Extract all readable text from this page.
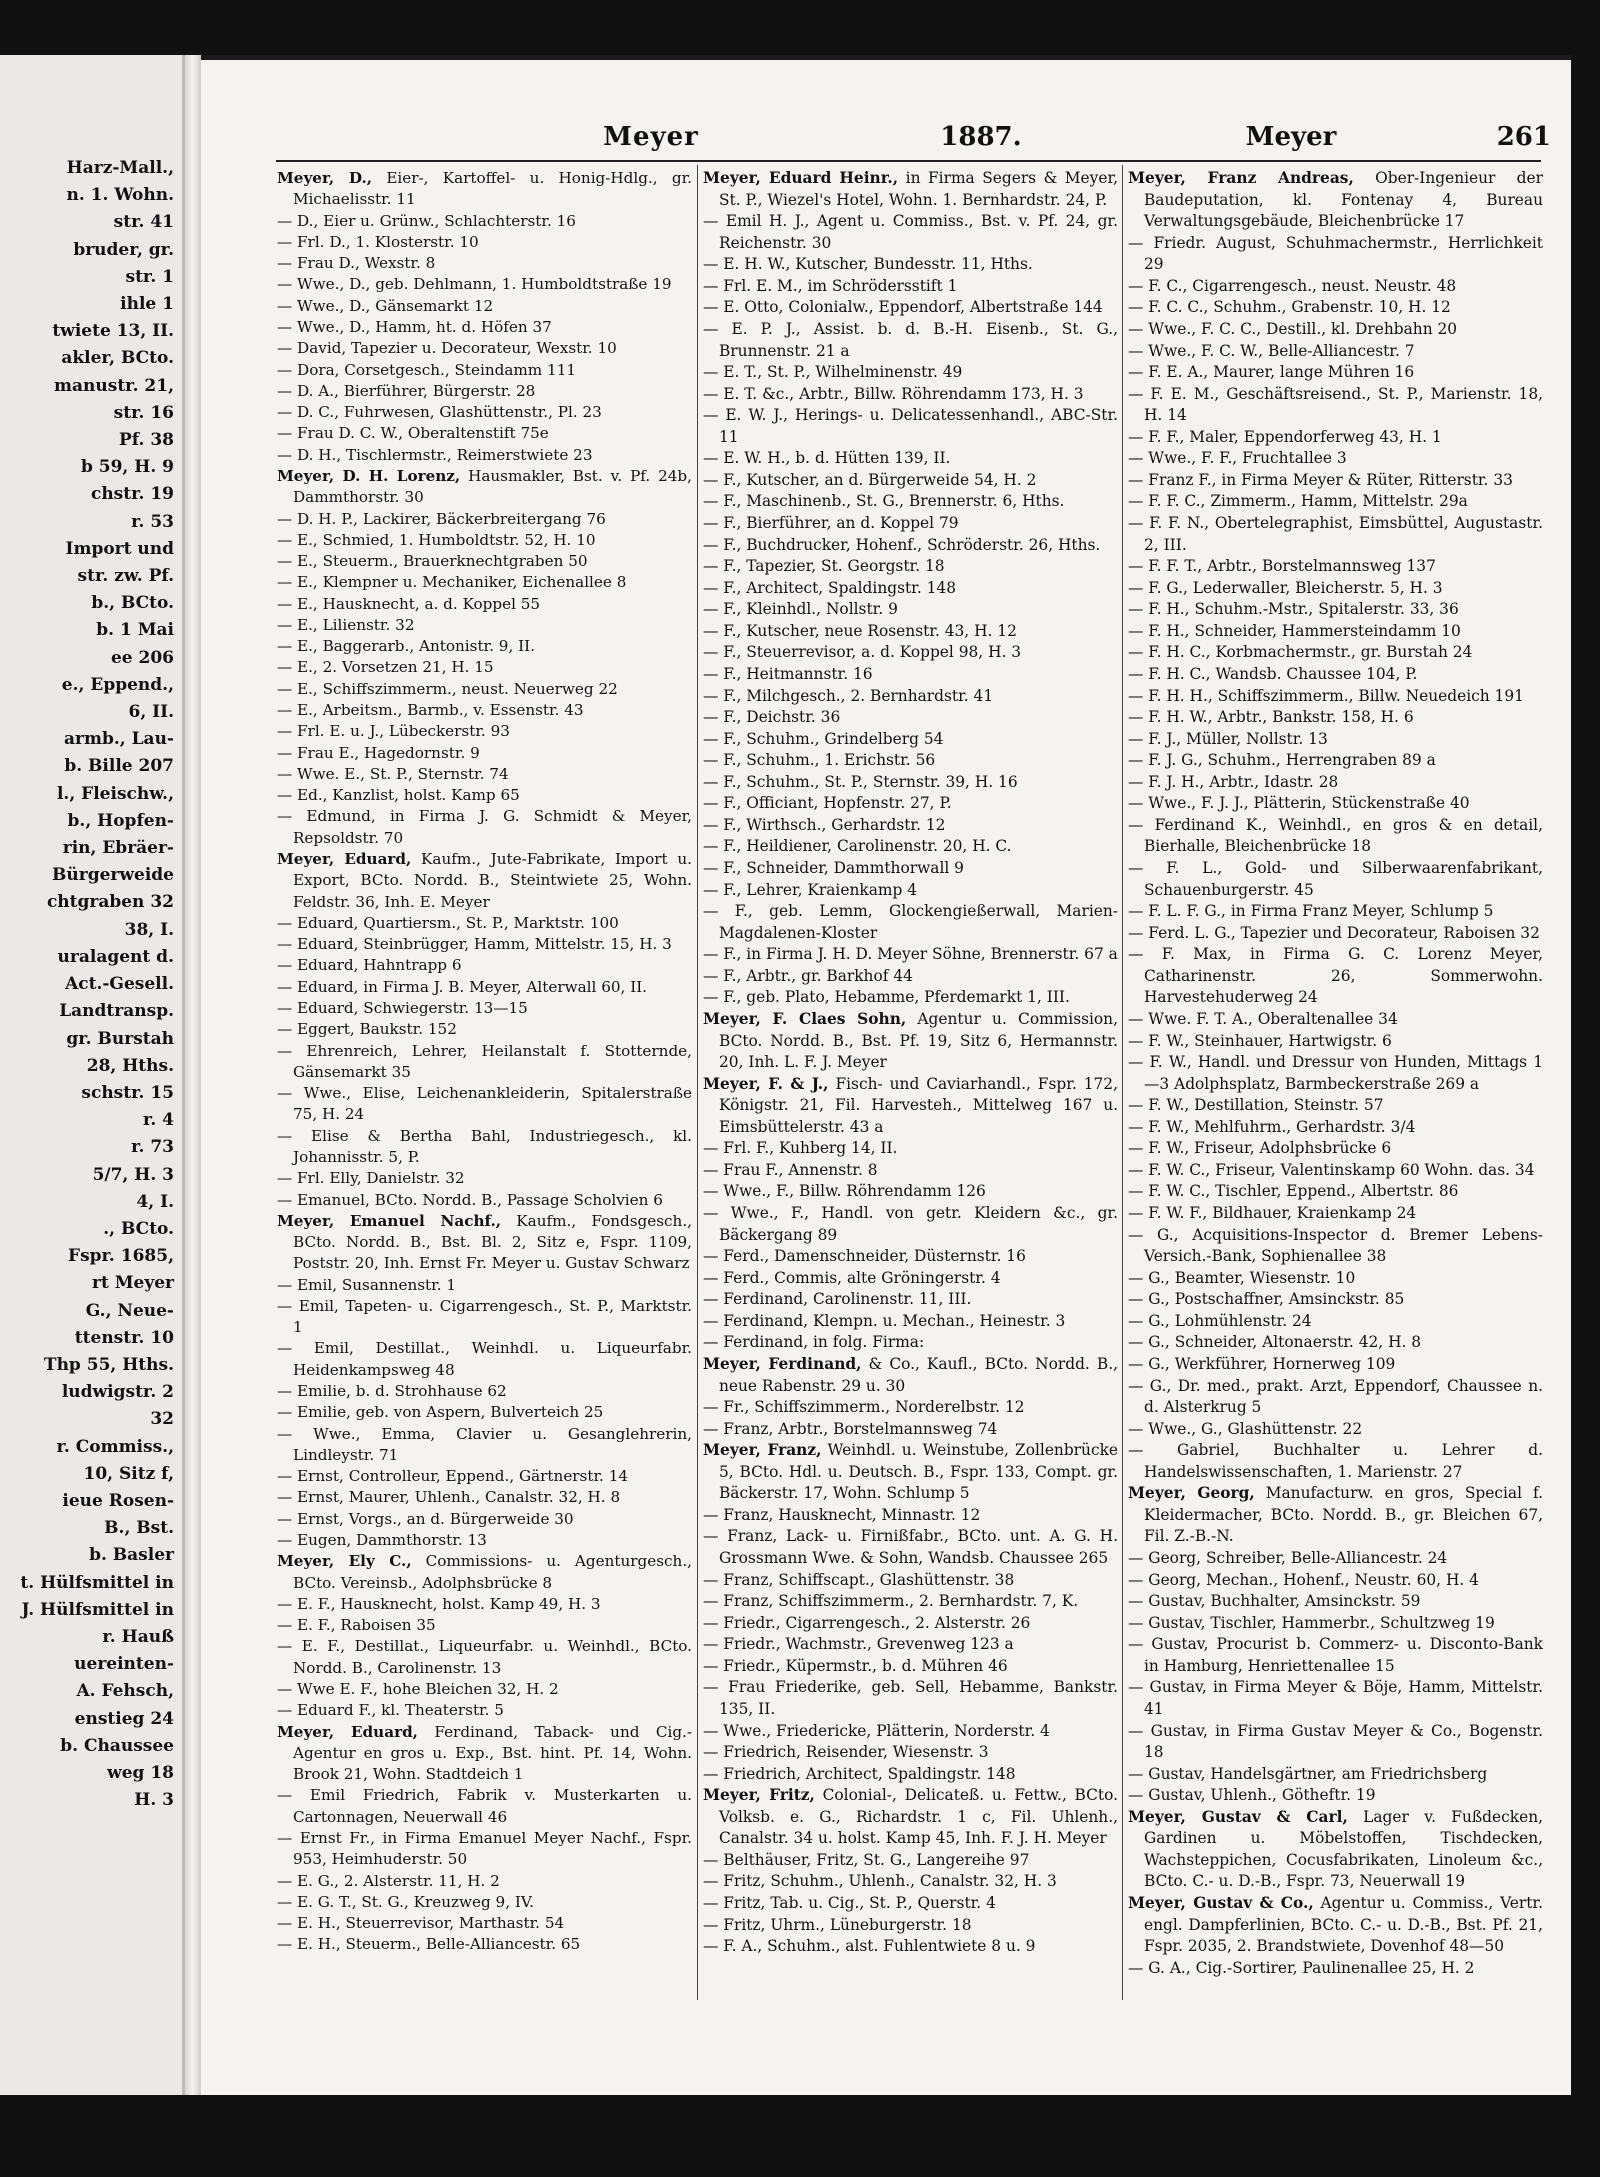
Harz-Mall.,
n. 1. Wohn.
str. 41
bruder, gr.
str. 1
ihle 1
twiete 13, II.
akler, BCto.
manustr. 21,
str. 16
Pf. 38
b 59, H. 9
chstr. 19
r. 53
Import und
str. zw. Pf.
b., BCto.
b. 1 Mai
ee 206
e., Eppend.,
6, II.
armb., Lau-
b. Bille 207
l., Fleischw.,
b., Hopfen-
rin, Ebräer-
Bürgerweide
chtgraben 32
38, I.
uralagent d.
Act.-Gesell.
Landtransp.
gr. Burstah
28, Hths.
schstr. 15
r. 4
r. 73
5/7, H. 3
4, I.
., BCto.
Fspr. 1685,
rt Meyer
G., Neue-
ttenstr. 10
Thp 55, Hths.
ludwigstr. 2
32
r. Commiss.,
10, Sitz f,
ieue Rosen-
B., Bst.
b. Basler
t. Hülfsmittel in
J. Hülfsmittel in
r. Hauß
uereinten-
A. Fehsch,
enstieg 24
b. Chaussee
weg 18
H. 3
Meyer	1887.	Meyer	261

Meyer, D., Eier-, Kartoffel- u. Honig-Hdlg., gr. Michaelisstr. 11

— D., Eier u. Grünw., Schlachterstr. 16

— Frl. D., 1. Klosterstr. 10

— Frau D., Wexstr. 8

— Wwe., D., geb. Dehlmann, 1. Humboldtstraße 19

— Wwe., D., Gänsemarkt 12

— Wwe., D., Hamm, ht. d. Höfen 37

— David, Tapezier u. Decorateur, Wexstr. 10

— Dora, Corsetgesch., Steindamm 111

— D. A., Bierführer, Bürgerstr. 28

— D. C., Fuhrwesen, Glashüttenstr., Pl. 23

— Frau D. C. W., Oberaltenstift 75e

— D. H., Tischlermstr., Reimerstwiete 23

Meyer, D. H. Lorenz, Hausmakler, Bst. v. Pf. 24b, Dammthorstr. 30

— D. H. P., Lackirer, Bäckerbreitergang 76

— E., Schmied, 1. Humboldtstr. 52, H. 10

— E., Steuerm., Brauerknechtgraben 50

— E., Klempner u. Mechaniker, Eichenallee 8

— E., Hausknecht, a. d. Koppel 55

— E., Lilienstr. 32

— E., Baggerarb., Antonistr. 9, II.

— E., 2. Vorsetzen 21, H. 15

— E., Schiffszimmerm., neust. Neuerweg 22

— E., Arbeitsm., Barmb., v. Essenstr. 43

— Frl. E. u. J., Lübeckerstr. 93

— Frau E., Hagedornstr. 9

— Wwe. E., St. P., Sternstr. 74

— Ed., Kanzlist, holst. Kamp 65

— Edmund, in Firma J. G. Schmidt & Meyer, Repsoldstr. 70

Meyer, Eduard, Kaufm., Jute-Fabrikate, Import u. Export, BCto. Nordd. B., Steintwiete 25, Wohn. Feldstr. 36, Inh. E. Meyer

— Eduard, Quartiersm., St. P., Marktstr. 100

— Eduard, Steinbrügger, Hamm, Mittelstr. 15, H. 3

— Eduard, Hahntrapp 6

— Eduard, in Firma J. B. Meyer, Alterwall 60, II.

— Eduard, Schwiegerstr. 13—15

— Eggert, Baukstr. 152

— Ehrenreich, Lehrer, Heilanstalt f. Stotternde, Gänsemarkt 35

— Wwe., Elise, Leichenankleiderin, Spitalerstraße 75, H. 24

— Elise & Bertha Bahl, Industriegesch., kl. Johannisstr. 5, P.

— Frl. Elly, Danielstr. 32

— Emanuel, BCto. Nordd. B., Passage Scholvien 6

Meyer, Emanuel Nachf., Kaufm., Fondsgesch., BCto. Nordd. B., Bst. Bl. 2, Sitz e, Fspr. 1109, Poststr. 20, Inh. Ernst Fr. Meyer u. Gustav Schwarz

— Emil, Susannenstr. 1

— Emil, Tapeten- u. Cigarrengesch., St. P., Marktstr. 1

— Emil, Destillat., Weinhdl. u. Liqueurfabr. Heidenkampsweg 48

— Emilie, b. d. Strohhause 62

— Emilie, geb. von Aspern, Bulverteich 25

— Wwe., Emma, Clavier u. Gesanglehrerin, Lindleystr. 71

— Ernst, Controlleur, Eppend., Gärtnerstr. 14

— Ernst, Maurer, Uhlenh., Canalstr. 32, H. 8

— Ernst, Vorgs., an d. Bürgerweide 30

— Eugen, Dammthorstr. 13

Meyer, Ely C., Commissions- u. Agenturgesch., BCto. Vereinsb., Adolphsbrücke 8

— E. F., Hausknecht, holst. Kamp 49, H. 3

— E. F., Raboisen 35

— E. F., Destillat., Liqueurfabr. u. Weinhdl., BCto. Nordd. B., Carolinenstr. 13

— Wwe E. F., hohe Bleichen 32, H. 2

— Eduard F., kl. Theaterstr. 5

Meyer, Eduard, Ferdinand, Taback- und Cig.-Agentur en gros u. Exp., Bst. hint. Pf. 14, Wohn. Brook 21, Wohn. Stadtdeich 1

— Emil Friedrich, Fabrik v. Musterkarten u. Cartonnagen, Neuerwall 46

— Ernst Fr., in Firma Emanuel Meyer Nachf., Fspr. 953, Heimhuderstr. 50

— E. G., 2. Alsterstr. 11, H. 2

— E. G. T., St. G., Kreuzweg 9, IV.

— E. H., Steuerrevisor, Marthastr. 54

— E. H., Steuerm., Belle-Alliancestr. 65

Meyer, Eduard Heinr., in Firma Segers & Meyer, St. P., Wiezel's Hotel, Wohn. 1. Bernhardstr. 24, P.

— Emil H. J., Agent u. Commiss., Bst. v. Pf. 24, gr. Reichenstr. 30

— E. H. W., Kutscher, Bundesstr. 11, Hths.

— Frl. E. M., im Schrödersstift 1

— E. Otto, Colonialw., Eppendorf, Albertstraße 144

— E. P. J., Assist. b. d. B.-H. Eisenb., St. G., Brunnenstr. 21 a

— E. T., St. P., Wilhelminenstr. 49

— E. T. &c., Arbtr., Billw. Röhrendamm 173, H. 3

— E. W. J., Herings- u. Delicatessenhandl., ABC-Str. 11

— E. W. H., b. d. Hütten 139, II.

— F., Kutscher, an d. Bürgerweide 54, H. 2

— F., Maschinenb., St. G., Brennerstr. 6, Hths.

— F., Bierführer, an d. Koppel 79

— F., Buchdrucker, Hohenf., Schröderstr. 26, Hths.

— F., Tapezier, St. Georgstr. 18

— F., Architect, Spaldingstr. 148

— F., Kleinhdl., Nollstr. 9

— F., Kutscher, neue Rosenstr. 43, H. 12

— F., Steuerrevisor, a. d. Koppel 98, H. 3

— F., Heitmannstr. 16

— F., Milchgesch., 2. Bernhardstr. 41

— F., Deichstr. 36

— F., Schuhm., Grindelberg 54

— F., Schuhm., 1. Erichstr. 56

— F., Schuhm., St. P., Sternstr. 39, H. 16

— F., Officiant, Hopfenstr. 27, P.

— F., Wirthsch., Gerhardstr. 12

— F., Heildiener, Carolinenstr. 20, H. C.

— F., Schneider, Dammthorwall 9

— F., Lehrer, Kraienkamp 4

— F., geb. Lemm, Glockengießerwall, Marien-Magdalenen-Kloster

— F., in Firma J. H. D. Meyer Söhne, Brennerstr. 67 a

— F., Arbtr., gr. Barkhof 44

— F., geb. Plato, Hebamme, Pferdemarkt 1, III.

Meyer, F. Claes Sohn, Agentur u. Commission, BCto. Nordd. B., Bst. Pf. 19, Sitz 6, Hermannstr. 20, Inh. L. F. J. Meyer

Meyer, F. & J., Fisch- und Caviarhandl., Fspr. 172, Königstr. 21, Fil. Harvesteh., Mittelweg 167 u. Eimsbüttelerstr. 43 a

— Frl. F., Kuhberg 14, II.

— Frau F., Annenstr. 8

— Wwe., F., Billw. Röhrendamm 126

— Wwe., F., Handl. von getr. Kleidern &c., gr. Bäckergang 89

— Ferd., Damenschneider, Düsternstr. 16

— Ferd., Commis, alte Gröningerstr. 4

— Ferdinand, Carolinenstr. 11, III.

— Ferdinand, Klempn. u. Mechan., Heinestr. 3

— Ferdinand, in folg. Firma:

Meyer, Ferdinand, & Co., Kaufl., BCto. Nordd. B., neue Rabenstr. 29 u. 30

— Fr., Schiffszimmerm., Norderelbstr. 12

— Franz, Arbtr., Borstelmannsweg 74

Meyer, Franz, Weinhdl. u. Weinstube, Zollenbrücke 5, BCto. Hdl. u. Deutsch. B., Fspr. 133, Compt. gr. Bäckerstr. 17, Wohn. Schlump 5

— Franz, Hausknecht, Minnastr. 12

— Franz, Lack- u. Firnißfabr., BCto. unt. A. G. H. Grossmann Wwe. & Sohn, Wandsb. Chaussee 265

— Franz, Schiffscapt., Glashüttenstr. 38

— Franz, Schiffszimmerm., 2. Bernhardstr. 7, K.

— Friedr., Cigarrengesch., 2. Alsterstr. 26

— Friedr., Wachmstr., Grevenweg 123 a

— Friedr., Küpermstr., b. d. Mühren 46

— Frau Friederike, geb. Sell, Hebamme, Bankstr. 135, II.

— Wwe., Friedericke, Plätterin, Norderstr. 4

— Friedrich, Reisender, Wiesenstr. 3

— Friedrich, Architect, Spaldingstr. 148

Meyer, Fritz, Colonial-, Delicateß. u. Fettw., BCto. Volksb. e. G., Richardstr. 1 c, Fil. Uhlenh., Canalstr. 34 u. holst. Kamp 45, Inh. F. J. H. Meyer

— Belthäuser, Fritz, St. G., Langereihe 97

— Fritz, Schuhm., Uhlenh., Canalstr. 32, H. 3

— Fritz, Tab. u. Cig., St. P., Querstr. 4

— Fritz, Uhrm., Lüneburgerstr. 18

— F. A., Schuhm., alst. Fuhlentwiete 8 u. 9

Meyer, Franz Andreas, Ober-Ingenieur der Baudeputation, kl. Fontenay 4, Bureau Verwaltungsgebäude, Bleichenbrücke 17

— Friedr. August, Schuhmachermstr., Herrlichkeit 29

— F. C., Cigarrengesch., neust. Neustr. 48

— F. C. C., Schuhm., Grabenstr. 10, H. 12

— Wwe., F. C. C., Destill., kl. Drehbahn 20

— Wwe., F. C. W., Belle-Alliancestr. 7

— F. E. A., Maurer, lange Mühren 16

— F. E. M., Geschäftsreisend., St. P., Marienstr. 18, H. 14

— F. F., Maler, Eppendorferweg 43, H. 1

— Wwe., F. F., Fruchtallee 3

— Franz F., in Firma Meyer & Rüter, Ritterstr. 33

— F. F. C., Zimmerm., Hamm, Mittelstr. 29a

— F. F. N., Obertelegraphist, Eimsbüttel, Augustastr. 2, III.

— F. F. T., Arbtr., Borstelmannsweg 137

— F. G., Lederwaller, Bleicherstr. 5, H. 3

— F. H., Schuhm.-Mstr., Spitalerstr. 33, 36

— F. H., Schneider, Hammersteindamm 10

— F. H. C., Korbmachermstr., gr. Burstah 24

— F. H. C., Wandsb. Chaussee 104, P.

— F. H. H., Schiffszimmerm., Billw. Neuedeich 191

— F. H. W., Arbtr., Bankstr. 158, H. 6

— F. J., Müller, Nollstr. 13

— F. J. G., Schuhm., Herrengraben 89 a

— F. J. H., Arbtr., Idastr. 28

— Wwe., F. J. J., Plätterin, Stückenstraße 40

— Ferdinand K., Weinhdl., en gros & en detail, Bierhalle, Bleichenbrücke 18

— F. L., Gold- und Silberwaarenfabrikant, Schauenburgerstr. 45

— F. L. F. G., in Firma Franz Meyer, Schlump 5

— Ferd. L. G., Tapezier und Decorateur, Raboisen 32

— F. Max, in Firma G. C. Lorenz Meyer, Catharinenstr. 26, Sommerwohn. Harvestehuderweg 24

— Wwe. F. T. A., Oberaltenallee 34

— F. W., Steinhauer, Hartwigstr. 6

— F. W., Handl. und Dressur von Hunden, Mittags 1—3 Adolphsplatz, Barmbeckerstraße 269 a

— F. W., Destillation, Steinstr. 57

— F. W., Mehlfuhrm., Gerhardstr. 3/4

— F. W., Friseur, Adolphsbrücke 6

— F. W. C., Friseur, Valentinskamp 60 Wohn. das. 34

— F. W. C., Tischler, Eppend., Albertstr. 86

— F. W. F., Bildhauer, Kraienkamp 24

— G., Acquisitions-Inspector d. Bremer Lebens-Versich.-Bank, Sophienallee 38

— G., Beamter, Wiesenstr. 10

— G., Postschaffner, Amsinckstr. 85

— G., Lohmühlenstr. 24

— G., Schneider, Altonaerstr. 42, H. 8

— G., Werkführer, Hornerweg 109

— G., Dr. med., prakt. Arzt, Eppendorf, Chaussee n. d. Alsterkrug 5

— Wwe., G., Glashüttenstr. 22

— Gabriel, Buchhalter u. Lehrer d. Handelswissenschaften, 1. Marienstr. 27

Meyer, Georg, Manufacturw. en gros, Special f. Kleidermacher, BCto. Nordd. B., gr. Bleichen 67, Fil. Z.-B.-N.

— Georg, Schreiber, Belle-Alliancestr. 24

— Georg, Mechan., Hohenf., Neustr. 60, H. 4

— Gustav, Buchhalter, Amsinckstr. 59

— Gustav, Tischler, Hammerbr., Schultzweg 19

— Gustav, Procurist b. Commerz- u. Disconto-Bank in Hamburg, Henriettenallee 15

— Gustav, in Firma Meyer & Böje, Hamm, Mittelstr. 41

— Gustav, in Firma Gustav Meyer & Co., Bogenstr. 18

— Gustav, Handelsgärtner, am Friedrichsberg

— Gustav, Uhlenh., Götheftr. 19

Meyer, Gustav & Carl, Lager v. Fußdecken, Gardinen u. Möbelstoffen, Tischdecken, Wachsteppichen, Cocusfabrikaten, Linoleum &c., BCto. C.- u. D.-B., Fspr. 73, Neuerwall 19

Meyer, Gustav & Co., Agentur u. Commiss., Vertr. engl. Dampferlinien, BCto. C.- u. D.-B., Bst. Pf. 21, Fspr. 2035, 2. Brandstwiete, Dovenhof 48—50

— G. A., Cig.-Sortirer, Paulinenallee 25, H. 2
